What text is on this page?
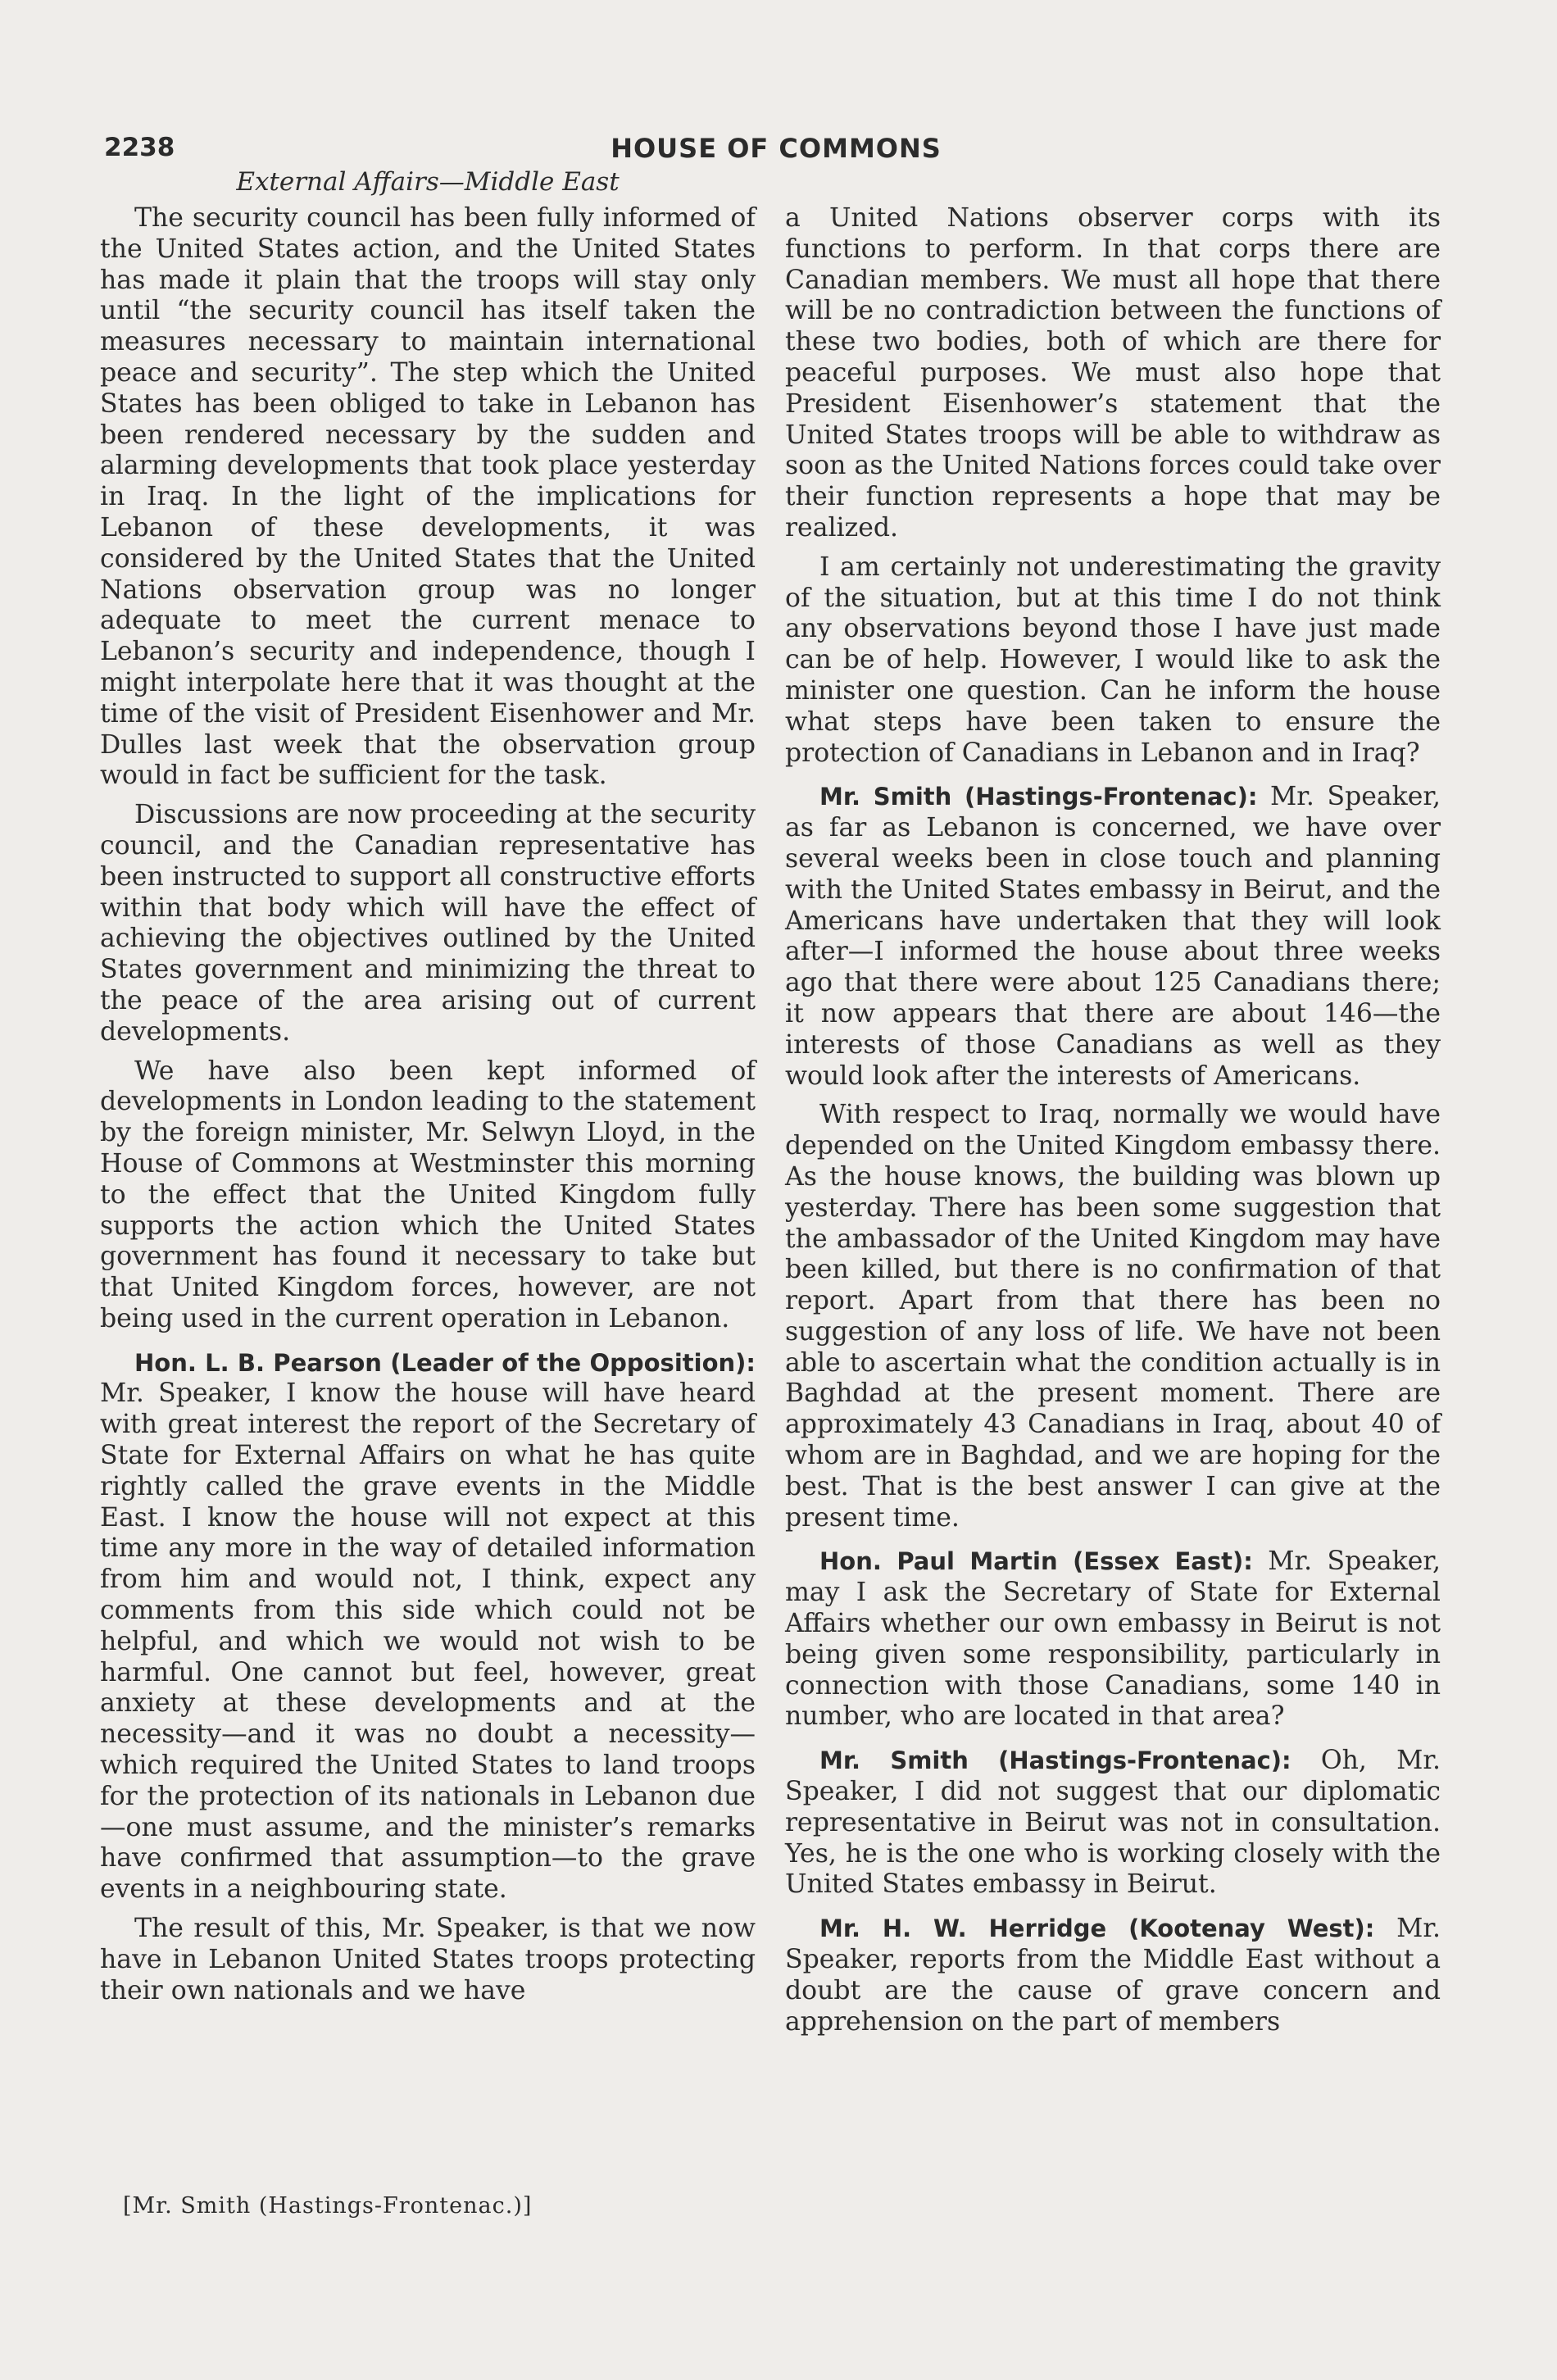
2238	HOUSE OF COMMONS
External Affairs—Middle East

The security council has been fully informed of the United States action, and the United States has made it plain that the troops will stay only until “the security council has itself taken the measures necessary to maintain international peace and security”. The step which the United States has been obliged to take in Lebanon has been rendered necessary by the sudden and alarming developments that took place yesterday in Iraq. In the light of the implications for Lebanon of these developments, it was considered by the United States that the United Nations observation group was no longer adequate to meet the current menace to Lebanon’s security and independence, though I might interpolate here that it was thought at the time of the visit of President Eisenhower and Mr. Dulles last week that the observation group would in fact be sufficient for the task.

Discussions are now proceeding at the security council, and the Canadian representative has been instructed to support all constructive efforts within that body which will have the effect of achieving the objectives outlined by the United States government and minimizing the threat to the peace of the area arising out of current developments.

We have also been kept informed of developments in London leading to the statement by the foreign minister, Mr. Selwyn Lloyd, in the House of Commons at Westminster this morning to the effect that the United Kingdom fully supports the action which the United States government has found it necessary to take but that United Kingdom forces, however, are not being used in the current operation in Lebanon.

Hon. L. B. Pearson (Leader of the Opposition): Mr. Speaker, I know the house will have heard with great interest the report of the Secretary of State for External Affairs on what he has quite rightly called the grave events in the Middle East. I know the house will not expect at this time any more in the way of detailed information from him and would not, I think, expect any comments from this side which could not be helpful, and which we would not wish to be harmful. One cannot but feel, however, great anxiety at these developments and at the necessity—and it was no doubt a necessity—which required the United States to land troops for the protection of its nationals in Lebanon due—one must assume, and the minister’s remarks have confirmed that assumption—to the grave events in a neighbouring state.

The result of this, Mr. Speaker, is that we now have in Lebanon United States troops protecting their own nationals and we have

a United Nations observer corps with its functions to perform. In that corps there are Canadian members. We must all hope that there will be no contradiction between the functions of these two bodies, both of which are there for peaceful purposes. We must also hope that President Eisenhower’s statement that the United States troops will be able to withdraw as soon as the United Nations forces could take over their function represents a hope that may be realized.

I am certainly not underestimating the gravity of the situation, but at this time I do not think any observations beyond those I have just made can be of help. However, I would like to ask the minister one question. Can he inform the house what steps have been taken to ensure the protection of Canadians in Lebanon and in Iraq?

Mr. Smith (Hastings-Frontenac): Mr. Speaker, as far as Lebanon is concerned, we have over several weeks been in close touch and planning with the United States embassy in Beirut, and the Americans have undertaken that they will look after—I informed the house about three weeks ago that there were about 125 Canadians there; it now appears that there are about 146—the interests of those Canadians as well as they would look after the interests of Americans.

With respect to Iraq, normally we would have depended on the United Kingdom embassy there. As the house knows, the building was blown up yesterday. There has been some suggestion that the ambassador of the United Kingdom may have been killed, but there is no confirmation of that report. Apart from that there has been no suggestion of any loss of life. We have not been able to ascertain what the condition actually is in Baghdad at the present moment. There are approximately 43 Canadians in Iraq, about 40 of whom are in Baghdad, and we are hoping for the best. That is the best answer I can give at the present time.

Hon. Paul Martin (Essex East): Mr. Speaker, may I ask the Secretary of State for External Affairs whether our own embassy in Beirut is not being given some responsibility, particularly in connection with those Canadians, some 140 in number, who are located in that area?

Mr. Smith (Hastings-Frontenac): Oh, Mr. Speaker, I did not suggest that our diplomatic representative in Beirut was not in consultation. Yes, he is the one who is working closely with the United States embassy in Beirut.

Mr. H. W. Herridge (Kootenay West): Mr. Speaker, reports from the Middle East without a doubt are the cause of grave concern and apprehension on the part of members

[Mr. Smith (Hastings-Frontenac.)]
